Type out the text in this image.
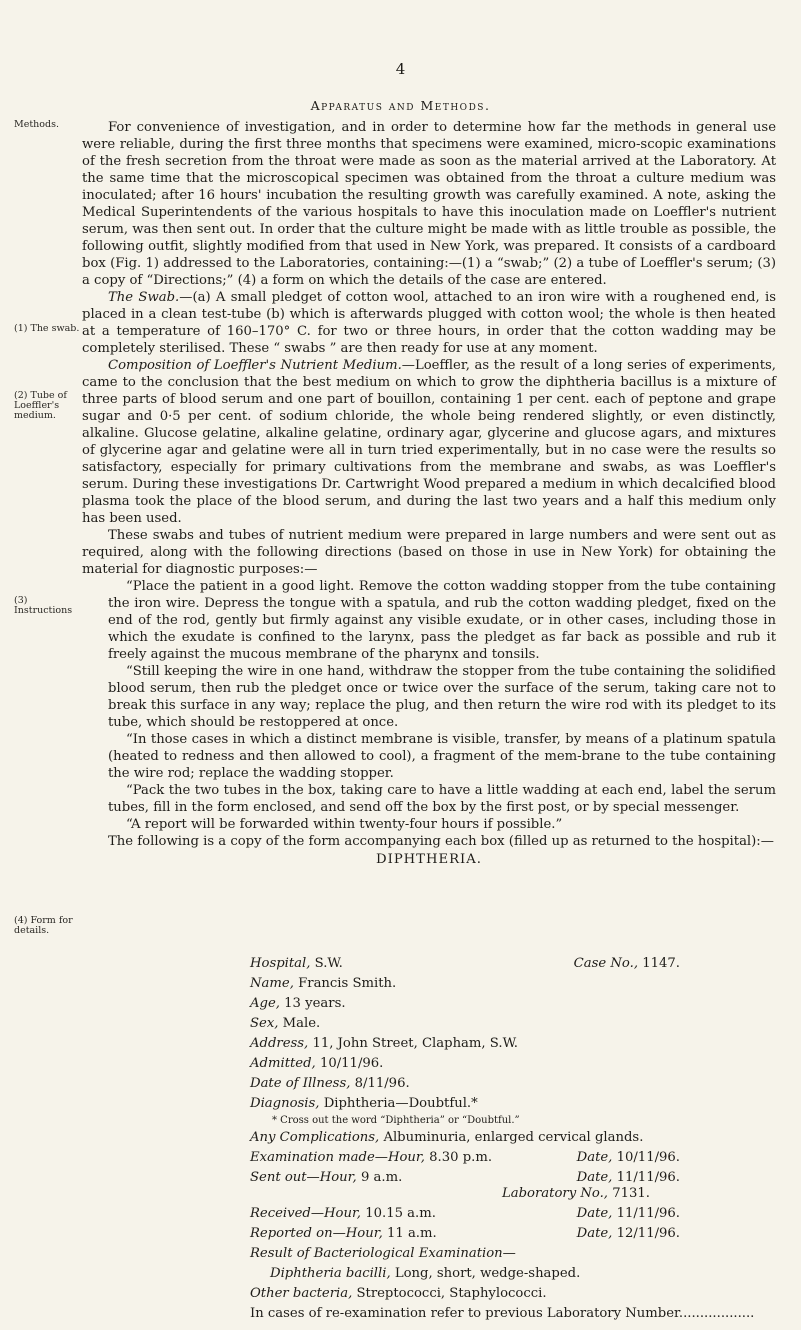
4
Apparatus and Methods.
Methods.
(1) The swab.
(2) Tube of Loeffler's medium.
(3) Instructions
(4) Form for details.

For convenience of investigation, and in order to determine how far the methods in general use were reliable, during the first three months that specimens were examined, micro-scopic examinations of the fresh secretion from the throat were made as soon as the material arrived at the Laboratory. At the same time that the microscopical specimen was obtained from the throat a culture medium was inoculated; after 16 hours' incubation the resulting growth was carefully examined. A note, asking the Medical Superintendents of the various hospitals to have this inoculation made on Loeffler's nutrient serum, was then sent out. In order that the culture might be made with as little trouble as possible, the following outfit, slightly modified from that used in New York, was prepared. It consists of a cardboard box (Fig. 1) addressed to the Laboratories, containing:—(1) a “swab;” (2) a tube of Loeffler's serum; (3) a copy of “Directions;” (4) a form on which the details of the case are entered.

The Swab.—(a) A small pledget of cotton wool, attached to an iron wire with a roughened end, is placed in a clean test-tube (b) which is afterwards plugged with cotton wool; the whole is then heated at a temperature of 160–170° C. for two or three hours, in order that the cotton wadding may be completely sterilised. These “ swabs ” are then ready for use at any moment.

Composition of Loeffler's Nutrient Medium.—Loeffler, as the result of a long series of experiments, came to the conclusion that the best medium on which to grow the diphtheria bacillus is a mixture of three parts of blood serum and one part of bouillon, containing 1 per cent. each of peptone and grape sugar and 0·5 per cent. of sodium chloride, the whole being rendered slightly, or even distinctly, alkaline. Glucose gelatine, alkaline gelatine, ordinary agar, glycerine and glucose agars, and mixtures of glycerine agar and gelatine were all in turn tried experimentally, but in no case were the results so satisfactory, especially for primary cultivations from the membrane and swabs, as was Loeffler's serum. During these investigations Dr. Cartwright Wood prepared a medium in which decalcified blood plasma took the place of the blood serum, and during the last two years and a half this medium only has been used.

These swabs and tubes of nutrient medium were prepared in large numbers and were sent out as required, along with the following directions (based on those in use in New York) for obtaining the material for diagnostic purposes:—

“Place the patient in a good light. Remove the cotton wadding stopper from the tube containing the iron wire. Depress the tongue with a spatula, and rub the cotton wadding pledget, fixed on the end of the rod, gently but firmly against any visible exudate, or in other cases, including those in which the exudate is confined to the larynx, pass the pledget as far back as possible and rub it freely against the mucous membrane of the pharynx and tonsils.

“Still keeping the wire in one hand, withdraw the stopper from the tube containing the solidified blood serum, then rub the pledget once or twice over the surface of the serum, taking care not to break this surface in any way; replace the plug, and then return the wire rod with its pledget to its tube, which should be restoppered at once.

“In those cases in which a distinct membrane is visible, transfer, by means of a platinum spatula (heated to redness and then allowed to cool), a fragment of the mem-brane to the tube containing the wire rod; replace the wadding stopper.

“Pack the two tubes in the box, taking care to have a little wadding at each end, label the serum tubes, fill in the form enclosed, and send off the box by the first post, or by special messenger.

“A report will be forwarded within twenty-four hours if possible.”

The following is a copy of the form accompanying each box (filled up as returned to the hospital):—

DIPHTHERIA.
Hospital, S.W.	Case No., 1147.
Name, Francis Smith.
Age, 13 years.
Sex, Male.
Address, 11, John Street, Clapham, S.W.
Admitted, 10/11/96.
Date of Illness, 8/11/96.
Diagnosis, Diphtheria—Doubtful.*
* Cross out the word “Diphtheria” or “Doubtful.”
Any Complications, Albuminuria, enlarged cervical glands.
Examination made—Hour, 8.30 p.m.	Date, 10/11/96.
Sent out—Hour, 9 a.m.	Date, 11/11/96.
Laboratory No., 7131.
Received—Hour, 10.15 a.m.	Date, 11/11/96.
Reported on—Hour, 11 a.m.	Date, 12/11/96.
Result of Bacteriological Examination—
Diphtheria bacilli, Long, short, wedge-shaped.
Other bacteria, Streptococci, Staphylococci.
In cases of re-examination refer to previous Laboratory Number..................
